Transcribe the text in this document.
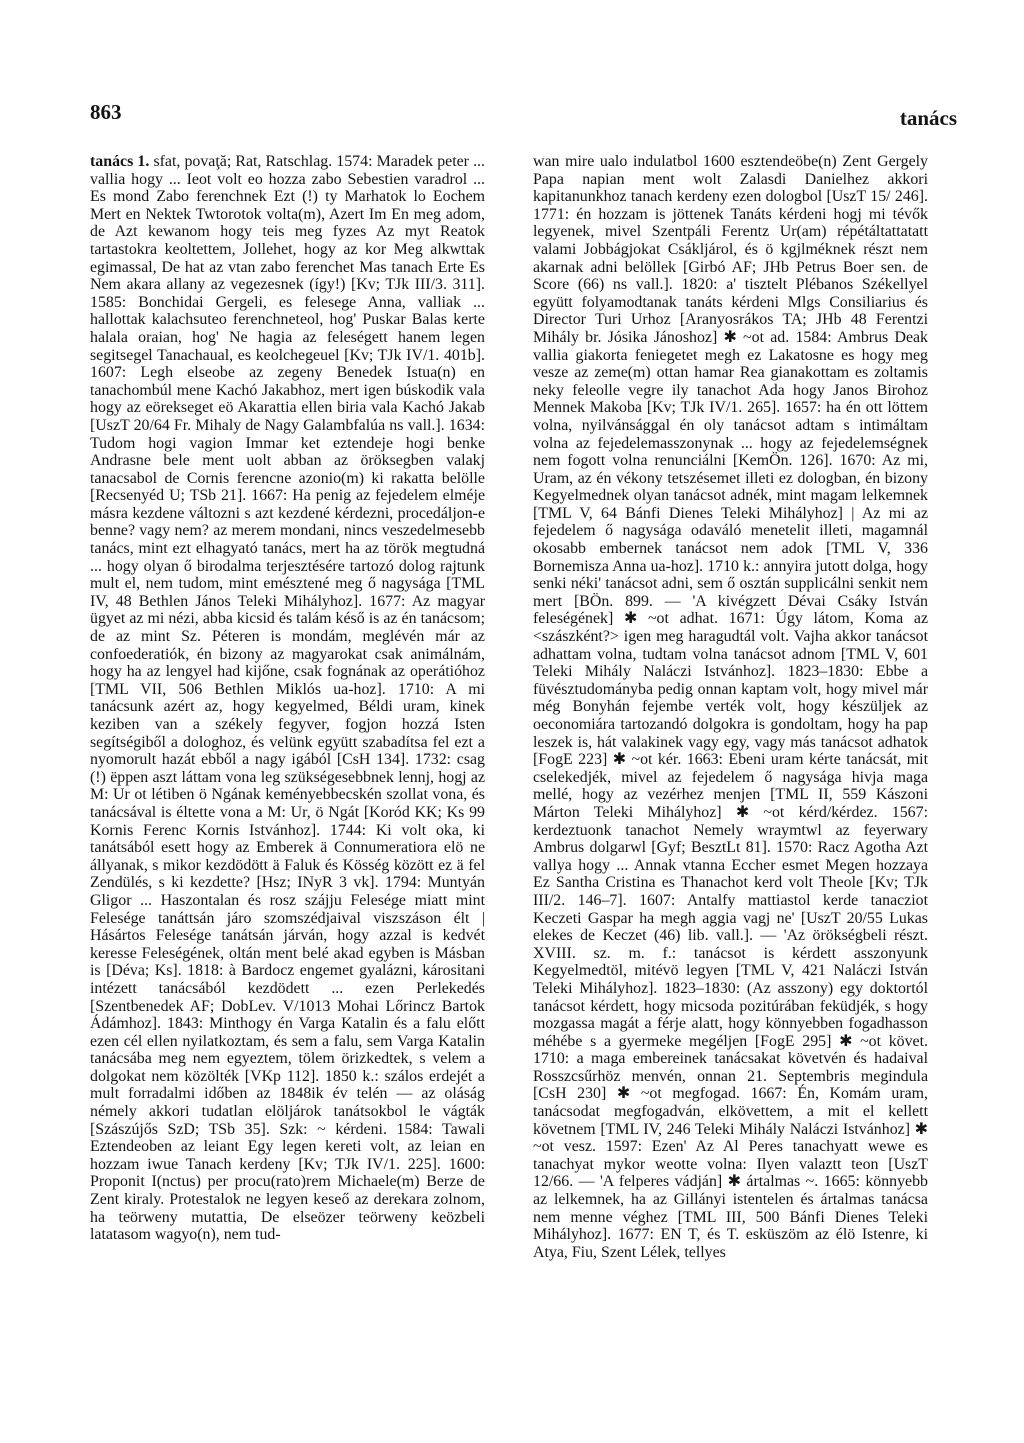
863	tanács

tanács 1. sfat, povaţă; Rat, Ratschlag. 1574: Maradek peter ... vallia hogy ... Ieot volt eo hozza zabo Sebestien varadrol ... Es mond Zabo ferenchnek Ezt (!) ty Marhatok lo Eochem Mert en Nektek Twtorotok volta(m), Azert Im En meg adom, de Azt kewanom hogy teis meg fyzes Az myt Reatok tartastokra keoltettem, Jollehet, hogy az kor Meg alkwttak egimassal, De hat az vtan zabo ferenchet Mas tanach Erte Es Nem akara allany az vegezesnek (így!) [Kv; TJk III/3. 311]. 1585: Bonchidai Gergeli, es felesege Anna, valliak ... hallottak kalachsuteo ferenchneteol, hog' Puskar Balas kerte halala oraian, hog' Ne hagia az feleségett hanem legen segitsegel Tanachaual, es keolchegeuel [Kv; TJk IV/1. 401b]. 1607: Legh elseobe az zegeny Benedek Istua(n) en tanachombúl mene Kachó Jakabhoz, mert igen búskodik vala hogy az eörekseget eö Akarattia ellen biria vala Kachó Jakab [UszT 20/64 Fr. Mihaly de Nagy Galambfalúa ns vall.]. 1634: Tudom hogi vagion Immar ket eztendeje hogi benke Andrasne bele ment uolt abban az öröksegben valakj tanacsabol de Cornis ferencne azonio(m) ki rakatta belölle [Recsenyéd U; TSb 21]. 1667: Ha penig az fejedelem elméje másra kezdene változni s azt kezdené kérdezni, procedáljon-e benne? vagy nem? az merem mondani, nincs veszedelmesebb tanács, mint ezt elhagyató tanács, mert ha az török megtudná ... hogy olyan ő birodalma terjesztésére tartozó dolog rajtunk mult el, nem tudom, mint emésztené meg ő nagysága [TML IV, 48 Bethlen János Teleki Mihályhoz]. 1677: Az magyar ügyet az mi nézi, abba kicsid és talám késő is az én tanácsom; de az mint Sz. Péteren is mondám, meglévén már az confoederatiók, én bizony az magyarokat csak animálnám, hogy ha az lengyel had kijőne, csak fognának az operátióhoz [TML VII, 506 Bethlen Miklós ua-hoz]. 1710: A mi tanácsunk azért az, hogy kegyelmed, Béldi uram, kinek keziben van a székely fegyver, fogjon hozzá Isten segítségiből a dologhoz, és velünk együtt szabadítsa fel ezt a nyomorult hazát ebből a nagy igából [CsH 134]. 1732: csag (!) ëppen aszt láttam vona leg szükségesebbnek lennj, hogj az M: Ur ot létiben ö Ngának keményebbecskén szollat vona, és tanácsával is éltette vona a M: Ur, ö Ngát [Koród KK; Ks 99 Kornis Ferenc Kornis Istvánhoz]. 1744: Ki volt oka, ki tanátsából esett hogy az Emberek ä Connumeratiora elö ne állyanak, s mikor kezdödött ä Faluk és Kösség között ez ä fel Zendülés, s ki kezdette? [Hsz; INyR 3 vk]. 1794: Muntyán Gligor ... Haszontalan és rosz szájju Felesége miatt mint Felesége tanáttsán járo szomszédjaival viszszáson élt | Hásártos Felesége tanátsán járván, hogy azzal is kedvét keresse Feleségének, oltán ment belé akad egyben is Másban is [Déva; Ks]. 1818: à Bardocz engemet gyalázni, kárositani intézett tanácsából kezdödett ... ezen Perlekedés [Szentbenedek AF; DobLev. V/1013 Mohai Lőrincz Bartok Ádámhoz]. 1843: Minthogy én Varga Katalin és a falu előtt ezen cél ellen nyilatkoztam, és sem a falu, sem Varga Katalin tanácsába meg nem egyeztem, tölem örizkedtek, s velem a dolgokat nem közölték [VKp 112]. 1850 k.: szálos erdejét a mult forradalmi időben az 1848ik év telén — az oláság némely akkori tudatlan elöljárok tanátsokbol le vágták [Szászújős SzD; TSb 35]. Szk: ~ kérdeni. 1584: Tawali Eztendeoben az leiant Egy legen kereti volt, az leian en hozzam iwue Tanach kerdeny [Kv; TJk IV/1. 225]. 1600: Proponit I(nctus) per procu(rato)rem Michaele(m) Berze de Zent kiraly. Protestalok ne legyen keseő az derekara zolnom, ha teörweny mutattia, De elseözer teörweny keözbeli latatasom wagyo(n), nem tud-

wan mire ualo indulatbol 1600 esztendeöbe(n) Zent Gergely Papa napian ment wolt Zalasdi Danielhez akkori kapitanunkhoz tanach kerdeny ezen dologbol [UszT 15/ 246]. 1771: én hozzam is jöttenek Tanáts kérdeni hogj mi tévők legyenek, mivel Szentpáli Ferentz Ur(am) répétáltattatatt valami Jobbágjokat Csákljárol, és ö kgjlméknek részt nem akarnak adni belöllek [Girbó AF; JHb Petrus Boer sen. de Score (66) ns vall.]. 1820: a' tisztelt Plébanos Székellyel együtt folyamodtanak tanáts kérdeni Mlgs Consiliarius és Director Turi Urhoz [Aranyosrákos TA; JHb 48 Ferentzi Mihály br. Jósika Jánoshoz] ✱ ~ot ad. 1584: Ambrus Deak vallia giakorta feniegetet megh ez Lakatosne es hogy meg vesze az zeme(m) ottan hamar Rea gianakottam es zoltamis neky feleolle vegre ily tanachot Ada hogy Janos Birohoz Mennek Makoba [Kv; TJk IV/1. 265]. 1657: ha én ott löttem volna, nyilvánsággal én oly tanácsot adtam s intimáltam volna az fejedelemasszonynak ... hogy az fejedelemségnek nem fogott volna renunciálni [KemÖn. 126]. 1670: Az mi, Uram, az én vékony tetszésemet illeti ez dologban, én bizony Kegyelmednek olyan tanácsot adnék, mint magam lelkemnek [TML V, 64 Bánfi Dienes Teleki Mihályhoz] | Az mi az fejedelem ő nagysága odaváló menetelit illeti, magamnál okosabb embernek tanácsot nem adok [TML V, 336 Bornemisza Anna ua-hoz]. 1710 k.: annyira jutott dolga, hogy senki néki' tanácsot adni, sem ő osztán supplicálni senkit nem mert [BÖn. 899. — 'A kivégzett Dévai Csáky István feleségének] ✱ ~ot adhat. 1671: Úgy látom, Koma az <szászként?> igen meg haragudtál volt. Vajha akkor tanácsot adhattam volna, tudtam volna tanácsot adnom [TML V, 601 Teleki Mihály Naláczi Istvánhoz]. 1823–1830: Ebbe a füvésztudományba pedig onnan kaptam volt, hogy mivel már még Bonyhán fejembe verték volt, hogy készüljek az oeconomiára tartozandó dolgokra is gondoltam, hogy ha pap leszek is, hát valakinek vagy egy, vagy más tanácsot adhatok [FogE 223] ✱ ~ot kér. 1663: Ebeni uram kérte tanácsát, mit cselekedjék, mivel az fejedelem ő nagysága hivja maga mellé, hogy az vezérhez menjen [TML II, 559 Kászoni Márton Teleki Mihályhoz] ✱ ~ot kérd/kérdez. 1567: kerdeztuonk tanachot Nemely wraymtwl az feyerwary Ambrus dolgarwl [Gyf; BesztLt 81]. 1570: Racz Agotha Azt vallya hogy ... Annak vtanna Eccher esmet Megen hozzaya Ez Santha Cristina es Thanachot kerd volt Theole [Kv; TJk III/2. 146–7]. 1607: Antalfy mattiastol kerde tanacziot Keczeti Gaspar ha megh aggia vagj ne' [UszT 20/55 Lukas elekes de Keczet (46) lib. vall.]. — 'Az örökségbeli részt. XVIII. sz. m. f.: tanácsot is kérdett asszonyunk Kegyelmedtöl, mitévö legyen [TML V, 421 Naláczi István Teleki Mihályhoz]. 1823–1830: (Az asszony) egy doktortól tanácsot kérdett, hogy micsoda pozitúrában feküdjék, s hogy mozgassa magát a férje alatt, hogy könnyebben fogadhasson méhébe s a gyermeke megéljen [FogE 295] ✱ ~ot követ. 1710: a maga embereinek tanácsakat követvén és hadaival Rosszcsűrhöz menvén, onnan 21. Septembris megindula [CsH 230] ✱ ~ot megfogad. 1667: Én, Komám uram, tanácsodat megfogadván, elkövettem, a mit el kellett követnem [TML IV, 246 Teleki Mihály Naláczi Istvánhoz] ✱ ~ot vesz. 1597: Ezen' Az Al Peres tanachyatt wewe es tanachyat mykor weotte volna: Ilyen valaztt teon [UszT 12/66. — 'A felperes vádján] ✱ ártalmas ~. 1665: könnyebb az lelkemnek, ha az Gillányi istentelen és ártalmas tanácsa nem menne véghez [TML III, 500 Bánfi Dienes Teleki Mihályhoz]. 1677: EN T, és T. esküszöm az élö Istenre, ki Atya, Fiu, Szent Lélek, tellyes
